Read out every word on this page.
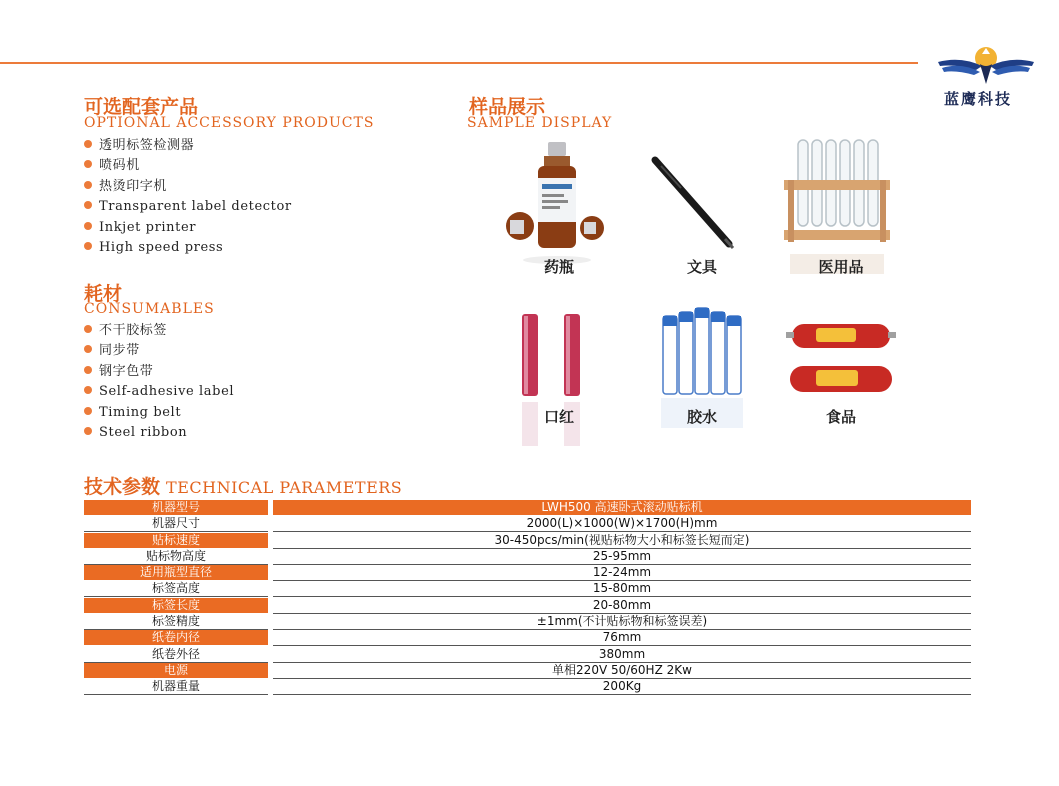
蓝鹰科技
可选配套产品
OPTIONAL ACCESSORY PRODUCTS
透明标签检测器
喷码机
热烫印字机
Transparent label detector
Inkjet printer
High speed press
耗材
CONSUMABLES
不干胶标签
同步带
钢字色带
Self-adhesive label
Timing belt
Steel ribbon
样品展示
SAMPLE DISPLAY
药瓶	文具	医用品
口红	胶水	食品
技术参数 TECHNICAL PARAMETERS
机器型号	LWH500 高速卧式滚动贴标机
机器尺寸	2000(L)×1000(W)×1700(H)mm
贴标速度	30-450pcs/min(视贴标物大小和标签长短而定)
贴标物高度	25-95mm
适用瓶型直径	12-24mm
标签高度	15-80mm
标签长度	20-80mm
标签精度	±1mm(不计贴标物和标签误差)
纸卷内径	76mm
纸卷外径	380mm
电源	单相220V 50/60HZ 2Kw
机器重量	200Kg
